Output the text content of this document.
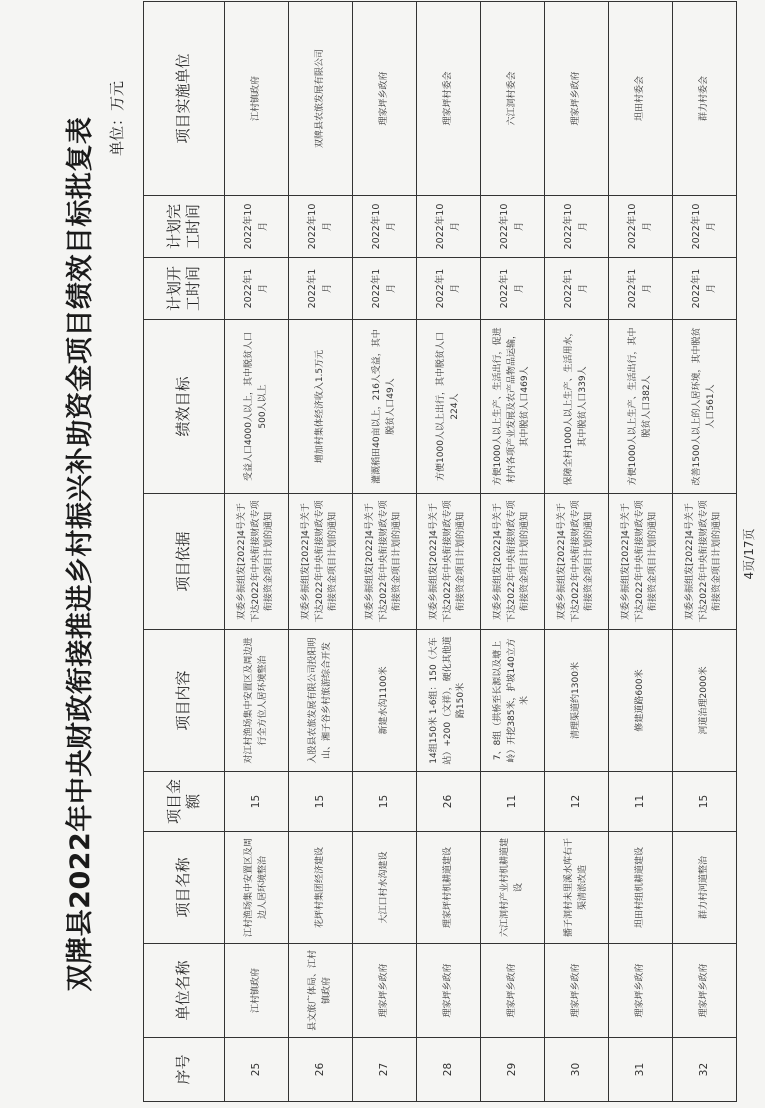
双牌县2022年中央财政衔接推进乡村振兴补助资金项目绩效目标批复表 单位：万元
序号	单位名称	项目名称	项目金额	项目内容	项目依据	绩效目标	计划开工时间	计划完工时间	项目实施单位
25	江村镇政府	江村渔场集中安置区及周边人居环境整治	15	对江村渔场集中安置区及周边进行全方位人居环境整治	双委乡振组发[2022]4号关于下达2022年中央衔接财政专项衔接资金项目计划的通知	受益人口4000人以上，其中脱贫人口500人以上	2022年1月	2022年10月	江村镇政府
26	县文旅广体局、江村镇政府	花坪村集团经济建设	15	入股县农旅发展有限公司投阳明山、湘子谷乡村旅游综合开发	双委乡振组发[2022]4号关于下达2022年中央衔接财政专项衔接资金项目计划的通知	增加村集体经济收入1.5万元	2022年1月	2022年10月	双牌县农旅发展有限公司
27	理家坪乡政府	大江口村水沟建设	15	新建水沟1100米	双委乡振组发[2022]4号关于下达2022年中央衔接财政专项衔接资金项目计划的通知	灌溉稻田40亩以上，216人受益，其中脱贫人口49人	2022年1月	2022年10月	理家坪乡政府
28	理家坪乡政府	理家坪村机耕道建设	26	14组150米 1-6组：150（大车站）+200（文祥），硬化其他道路150米	双委乡振组发[2022]4号关于下达2022年中央衔接财政专项衔接资金项目计划的通知	方便1000人以上出行，其中脱贫人口224人	2022年1月	2022年10月	理家坪村委会
29	理家坪乡政府	六江洞村产业村机耕道建设	11	7、8组（拱桥至长源以及塘上岭）开挖385米，护坡140立方米	双委乡振组发[2022]4号关于下达2022年中央衔接财政专项衔接资金项目计划的通知	方便1000人以上生产、生活出行，促进村内各项产业发展及农产品物品运输，其中脱贫人口469人	2022年1月	2022年10月	六江洞村委会
30	理家坪乡政府	播子洞村未里溪水库右干渠清淤改造	12	清理渠道约1300米	双委乡振组发[2022]4号关于下达2022年中央衔接财政专项衔接资金项目计划的通知	保障全村1000人以上生产、生活用水，其中脱贫人口339人	2022年1月	2022年10月	理家坪乡政府
31	理家坪乡政府	坦田村组机耕道建设	11	修建道路600米	双委乡振组发[2022]4号关于下达2022年中央衔接财政专项衔接资金项目计划的通知	方便1000人以上生产、生活出行，其中脱贫人口382人	2022年1月	2022年10月	坦田村委会
32	理家坪乡政府	群力村河道整治	15	河道治理2000米	双委乡振组发[2022]4号关于下达2022年中央衔接财政专项衔接资金项目计划的通知	改善1500人以上的人居环境，其中脱贫人口561人	2022年1月	2022年10月	群力村委会
4页/17页
